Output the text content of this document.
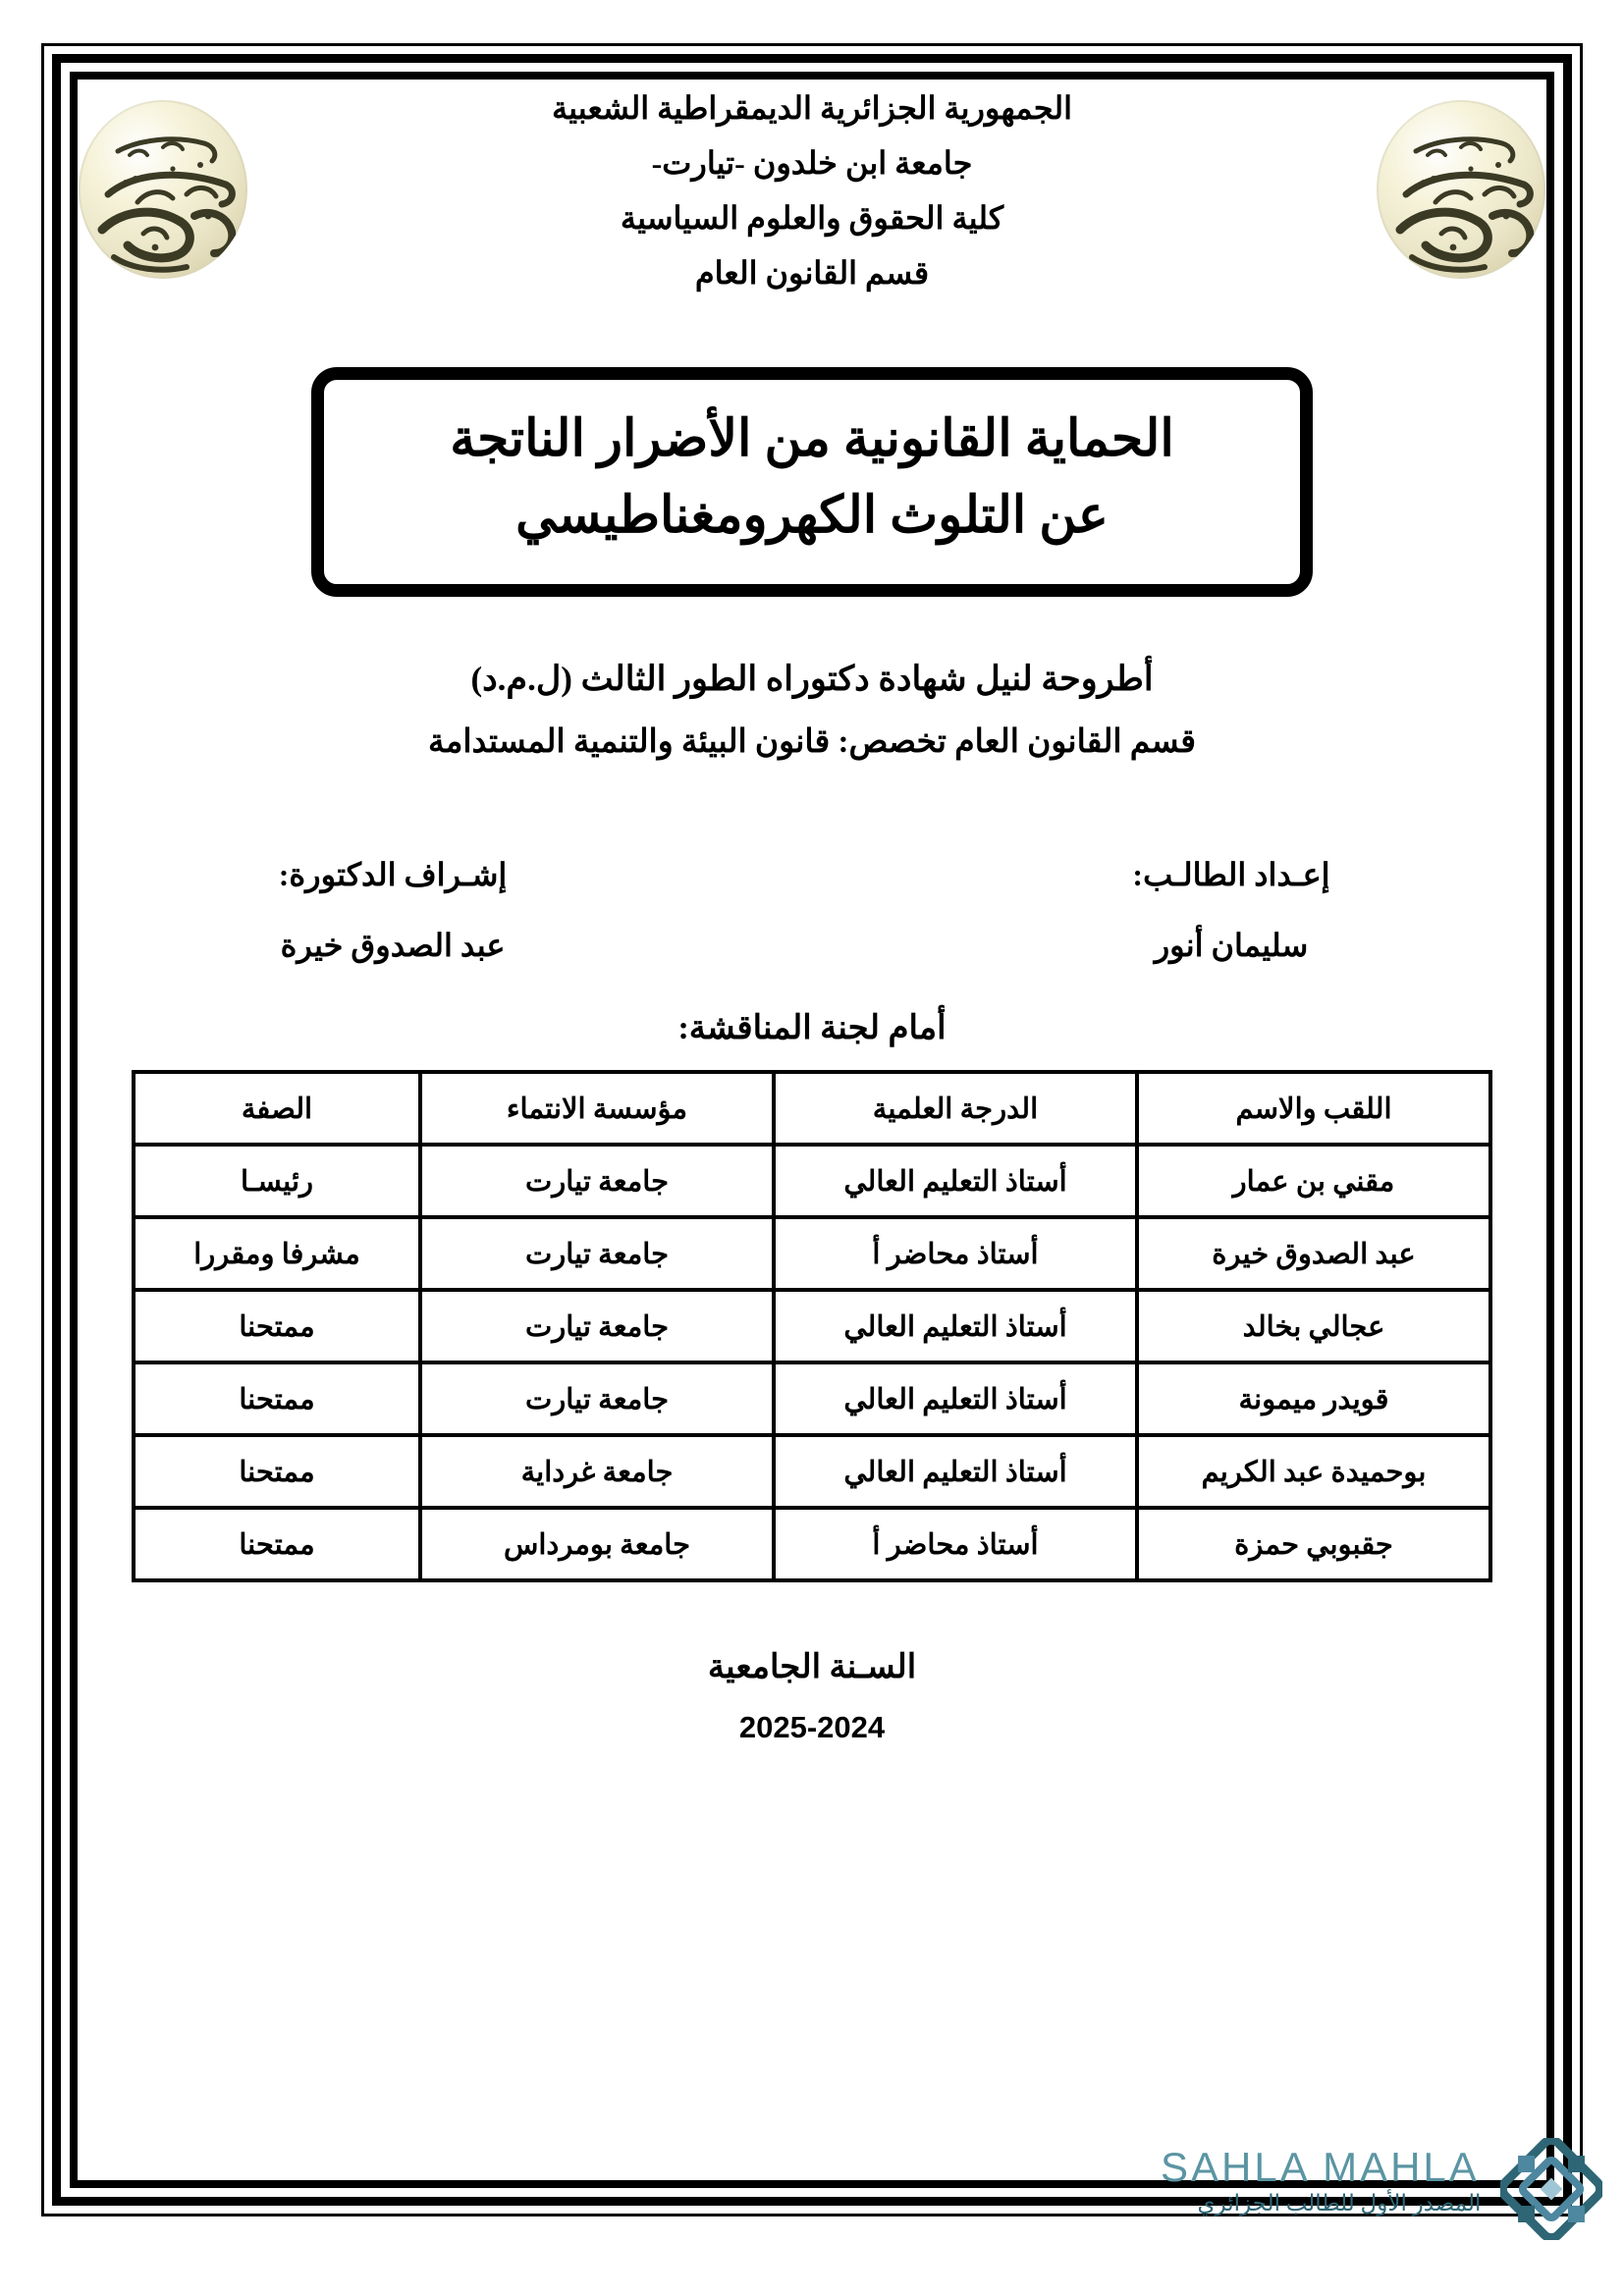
الجمهورية الجزائرية الديمقراطية الشعبية
جامعة ابن خلدون -تيارت-
كلية الحقوق والعلوم السياسية
قسم القانون العام
الحماية القانونية من الأضرار الناتجة
عن التلوث الكهرومغناطيسي
أطروحة لنيل شهادة دكتوراه الطور الثالث (ل.م.د)
قسم القانون العام تخصص: قانون البيئة والتنمية المستدامة
إعـداد الطالـب:
سليمان أنور
إشـراف الدكتورة:
عبد الصدوق خيرة
أمام لجنة المناقشة:
اللقب والاسم	الدرجة العلمية	مؤسسة الانتماء	الصفة
مقني بن عمار	أستاذ التعليم العالي	جامعة تيارت	رئيسـا
عبد الصدوق خيرة	أستاذ محاضر أ	جامعة تيارت	مشرفا ومقررا
عجالي بخالد	أستاذ التعليم العالي	جامعة تيارت	ممتحنا
قويدر ميمونة	أستاذ التعليم العالي	جامعة تيارت	ممتحنا
بوحميدة عبد الكريم	أستاذ التعليم العالي	جامعة غرداية	ممتحنا
جقبوبي حمزة	أستاذ محاضر أ	جامعة بومرداس	ممتحنا
السـنة الجامعية
2025-2024
SAHLA MAHLA
المصدر الأول للطالب الجزائري
